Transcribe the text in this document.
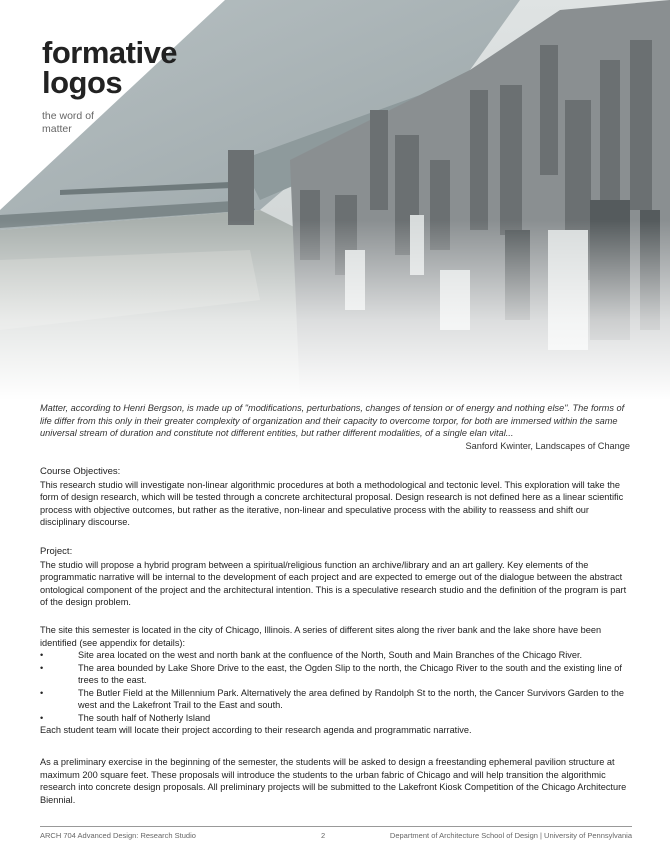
formative
logos
the word of
matter
Matter, according to Henri Bergson, is made up of "modifications, perturbations, changes of tension or of energy and nothing else". The forms of life differ from this only in their greater complexity of organization and their capacity to overcome torpor, for both are immersed within the same universal stream of duration and constitute not different entities, but rather different modalities, of a single elan vital...
Sanford Kwinter, Landscapes of Change
Course Objectives:
This research studio will investigate non-linear algorithmic procedures at both a methodological and tectonic level. This exploration will take the form of design research, which will be tested through a concrete architectural proposal. Design research is not defined here as a linear scientific process with objective outcomes, but rather as the iterative, non-linear and speculative process with the ability to reassess and shift our disciplinary discourse.
Project:
The studio will propose a hybrid program between a spiritual/religious function an archive/library and an art gallery. Key elements of the programmatic narrative will be internal to the development of each project and are expected to emerge out of the dialogue between the abstract ontological component of the project and the architectural intention. This is a speculative research studio and the definition of the program is part of the design problem.
The site this semester is located in the city of Chicago, Illinois. A series of different sites along the river bank and the lake shore have been identified (see appendix for details):
• Site area located on the west and north bank at the confluence of the North, South and Main Branches of the Chicago River.
• The area bounded by Lake Shore Drive to the east, the Ogden Slip to the north, the Chicago River to the south and the existing line of trees to the east.
• The Butler Field at the Millennium Park. Alternatively the area defined by Randolph St to the north, the Cancer Survivors Garden to the west and the Lakefront Trail to the East and south.
• The south half of Notherly Island
Each student team will locate their project according to their research agenda and programmatic narrative.
As a preliminary exercise in the beginning of the semester, the students will be asked to design a freestanding ephemeral pavilion structure at maximum 200 square feet. These proposals will introduce the students to the urban fabric of Chicago and will help transition the algorithmic research into concrete design proposals. All preliminary projects will be submitted to the Lakefront Kiosk Competition of the Chicago Architecture Biennial.
ARCH 704 Advanced Design: Research Studio	2	Department of Architecture School of Design | University of Pennsylvania
